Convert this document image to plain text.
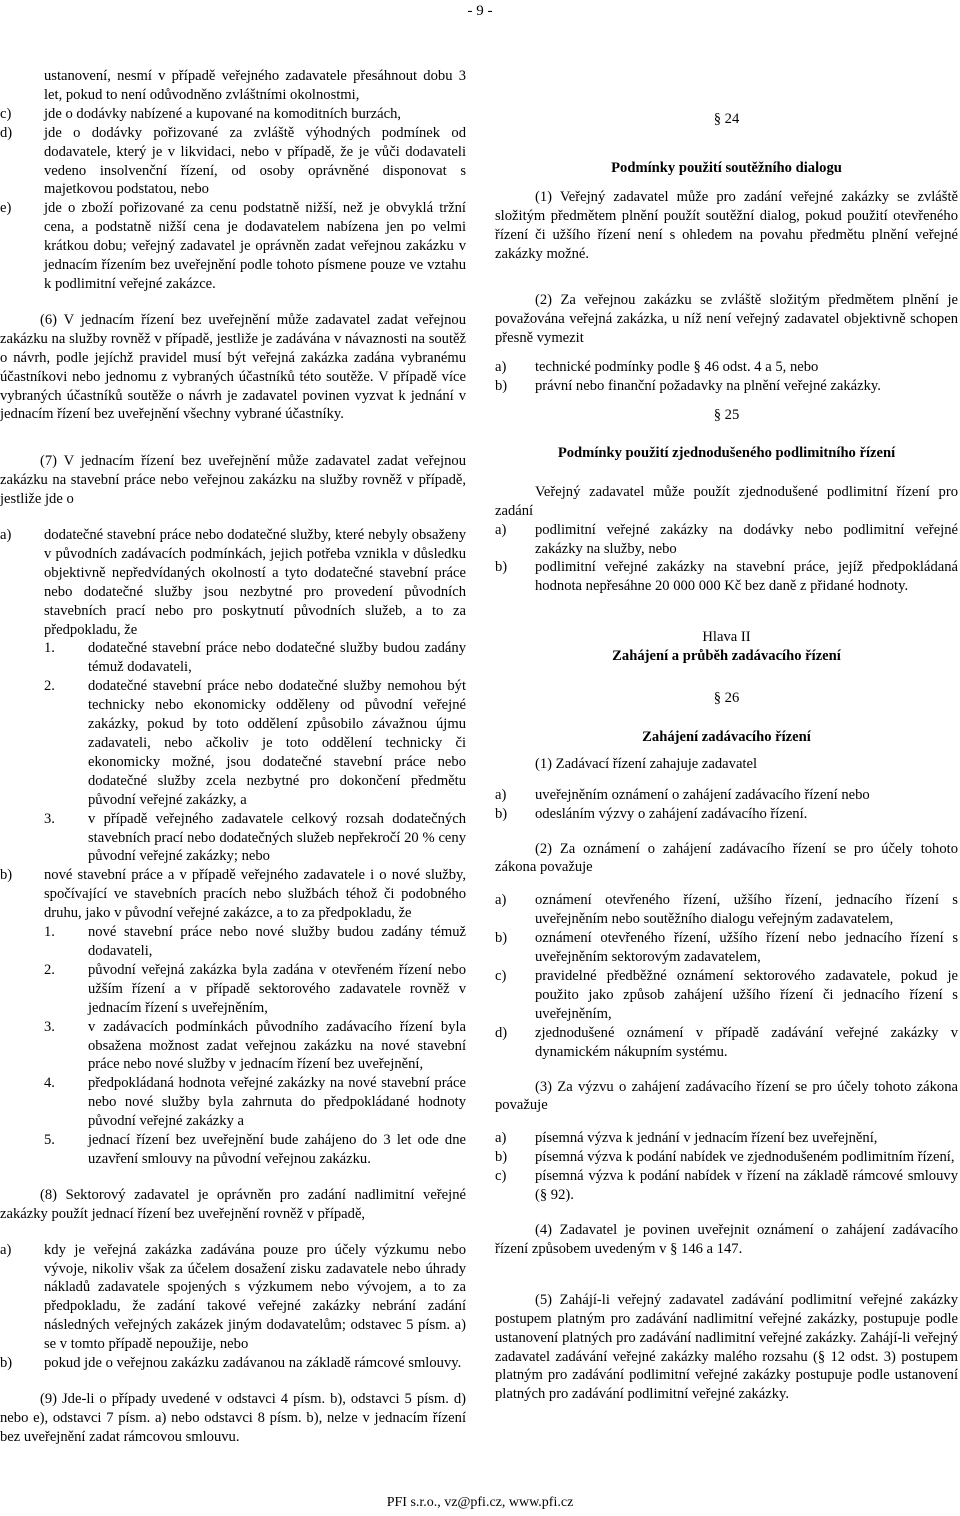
- 9 -
ustanovení, nesmí v případě veřejného zadavatele přesáhnout dobu 3 let, pokud to není odůvodněno zvláštními okolnostmi,
c)	jde o dodávky nabízené a kupované na komoditních burzách,
d)	jde o dodávky pořizované za zvláště výhodných podmínek od dodavatele, který je v likvidaci, nebo v případě, že je vůči dodavateli vedeno insolvenční řízení, od osoby oprávněné disponovat s majetkovou podstatou, nebo
e)	jde o zboží pořizované za cenu podstatně nižší, než je obvyklá tržní cena, a podstatně nižší cena je dodavatelem nabízena jen po velmi krátkou dobu; veřejný zadavatel je oprávněn zadat veřejnou zakázku v jednacím řízením bez uveřejnění podle tohoto písmene pouze ve vztahu k podlimitní veřejné zakázce.

(6) V jednacím řízení bez uveřejnění může zadavatel zadat veřejnou zakázku na služby rovněž v případě, jestliže je zadávána v návaznosti na soutěž o návrh, podle jejíchž pravidel musí být veřejná zakázka zadána vybranému účastníkovi nebo jednomu z vybraných účastníků této soutěže. V případě více vybraných účastníků soutěže o návrh je zadavatel povinen vyzvat k jednání v jednacím řízení bez uveřejnění všechny vybrané účastníky.

(7) V jednacím řízení bez uveřejnění může zadavatel zadat veřejnou zakázku na stavební práce nebo veřejnou zakázku na služby rovněž v případě, jestliže jde o

a)	dodatečné stavební práce nebo dodatečné služby, které nebyly obsaženy v původních zadávacích podmínkách, jejich potřeba vznikla v důsledku objektivně nepředvídaných okolností a tyto dodatečné stavební práce nebo dodatečné služby jsou nezbytné pro provedení původních stavebních prací nebo pro poskytnutí původních služeb, a to za předpokladu, že
1.	dodatečné stavební práce nebo dodatečné služby budou zadány témuž dodavateli,
2.	dodatečné stavební práce nebo dodatečné služby nemohou být technicky nebo ekonomicky odděleny od původní veřejné zakázky, pokud by toto oddělení způsobilo závažnou újmu zadavateli, nebo ačkoliv je toto oddělení technicky či ekonomicky možné, jsou dodatečné stavební práce nebo dodatečné služby zcela nezbytné pro dokončení předmětu původní veřejné zakázky, a
3.	v případě veřejného zadavatele celkový rozsah dodatečných stavebních prací nebo dodatečných služeb nepřekročí 20 % ceny původní veřejné zakázky; nebo
b)	nové stavební práce a v případě veřejného zadavatele i o nové služby, spočívající ve stavebních pracích nebo službách téhož či podobného druhu, jako v původní veřejné zakázce, a to za předpokladu, že
1.	nové stavební práce nebo nové služby budou zadány témuž dodavateli,
2.	původní veřejná zakázka byla zadána v otevřeném řízení nebo užším řízení a v případě sektorového zadavatele rovněž v jednacím řízení s uveřejněním,
3.	v zadávacích podmínkách původního zadávacího řízení byla obsažena možnost zadat veřejnou zakázku na nové stavební práce nebo nové služby v jednacím řízení bez uveřejnění,
4.	předpokládaná hodnota veřejné zakázky na nové stavební práce nebo nové služby byla zahrnuta do předpokládané hodnoty původní veřejné zakázky a
5.	jednací řízení bez uveřejnění bude zahájeno do 3 let ode dne uzavření smlouvy na původní veřejnou zakázku.

(8) Sektorový zadavatel je oprávněn pro zadání nadlimitní veřejné zakázky použít jednací řízení bez uveřejnění rovněž v případě,

a)	kdy je veřejná zakázka zadávána pouze pro účely výzkumu nebo vývoje, nikoliv však za účelem dosažení zisku zadavatele nebo úhrady nákladů zadavatele spojených s výzkumem nebo vývojem, a to za předpokladu, že zadání takové veřejné zakázky nebrání zadání následných veřejných zakázek jiným dodavatelům; odstavec 5 písm. a) se v tomto případě nepoužije, nebo
b)	pokud jde o veřejnou zakázku zadávanou na základě rámcové smlouvy.

(9) Jde-li o případy uvedené v odstavci 4 písm. b), odstavci 5 písm. d) nebo e), odstavci 7 písm. a) nebo odstavci 8 písm. b), nelze v jednacím řízení bez uveřejnění zadat rámcovou smlouvu.

§ 24

Podmínky použití soutěžního dialogu

(1) Veřejný zadavatel může pro zadání veřejné zakázky se zvláště složitým předmětem plnění použít soutěžní dialog, pokud použití otevřeného řízení či užšího řízení není s ohledem na povahu předmětu plnění veřejné zakázky možné.

(2) Za veřejnou zakázku se zvláště složitým předmětem plnění je považována veřejná zakázka, u níž není veřejný zadavatel objektivně schopen přesně vymezit

a)	technické podmínky podle § 46 odst. 4 a 5, nebo
b)	právní nebo finanční požadavky na plnění veřejné zakázky.

§ 25

Podmínky použití zjednodušeného podlimitního řízení

Veřejný zadavatel může použít zjednodušené podlimitní řízení pro zadání

a)	podlimitní veřejné zakázky na dodávky nebo podlimitní veřejné zakázky na služby, nebo
b)	podlimitní veřejné zakázky na stavební práce, jejíž předpokládaná hodnota nepřesáhne 20 000 000 Kč bez daně z přidané hodnoty.

Hlava II

Zahájení a průběh zadávacího řízení

§ 26

Zahájení zadávacího řízení

(1) Zadávací řízení zahajuje zadavatel

a)	uveřejněním oznámení o zahájení zadávacího řízení nebo
b)	odesláním výzvy o zahájení zadávacího řízení.

(2) Za oznámení o zahájení zadávacího řízení se pro účely tohoto zákona považuje

a)	oznámení otevřeného řízení, užšího řízení, jednacího řízení s uveřejněním nebo soutěžního dialogu veřejným zadavatelem,
b)	oznámení otevřeného řízení, užšího řízení nebo jednacího řízení s uveřejněním sektorovým zadavatelem,
c)	pravidelné předběžné oznámení sektorového zadavatele, pokud je použito jako způsob zahájení užšího řízení či jednacího řízení s uveřejněním,
d)	zjednodušené oznámení v případě zadávání veřejné zakázky v dynamickém nákupním systému.

(3) Za výzvu o zahájení zadávacího řízení se pro účely tohoto zákona považuje

a)	písemná výzva k jednání v jednacím řízení bez uveřejnění,
b)	písemná výzva k podání nabídek ve zjednodušeném podlimitním řízení,
c)	písemná výzva k podání nabídek v řízení na základě rámcové smlouvy (§ 92).

(4) Zadavatel je povinen uveřejnit oznámení o zahájení zadávacího řízení způsobem uvedeným v § 146 a 147.

(5) Zahájí-li veřejný zadavatel zadávání podlimitní veřejné zakázky postupem platným pro zadávání nadlimitní veřejné zakázky, postupuje podle ustanovení platných pro zadávání nadlimitní veřejné zakázky. Zahájí-li veřejný zadavatel zadávání veřejné zakázky malého rozsahu (§ 12 odst. 3) postupem platným pro zadávání podlimitní veřejné zakázky postupuje podle ustanovení platných pro zadávání podlimitní veřejné zakázky.

PFI s.r.o., vz@pfi.cz, www.pfi.cz
